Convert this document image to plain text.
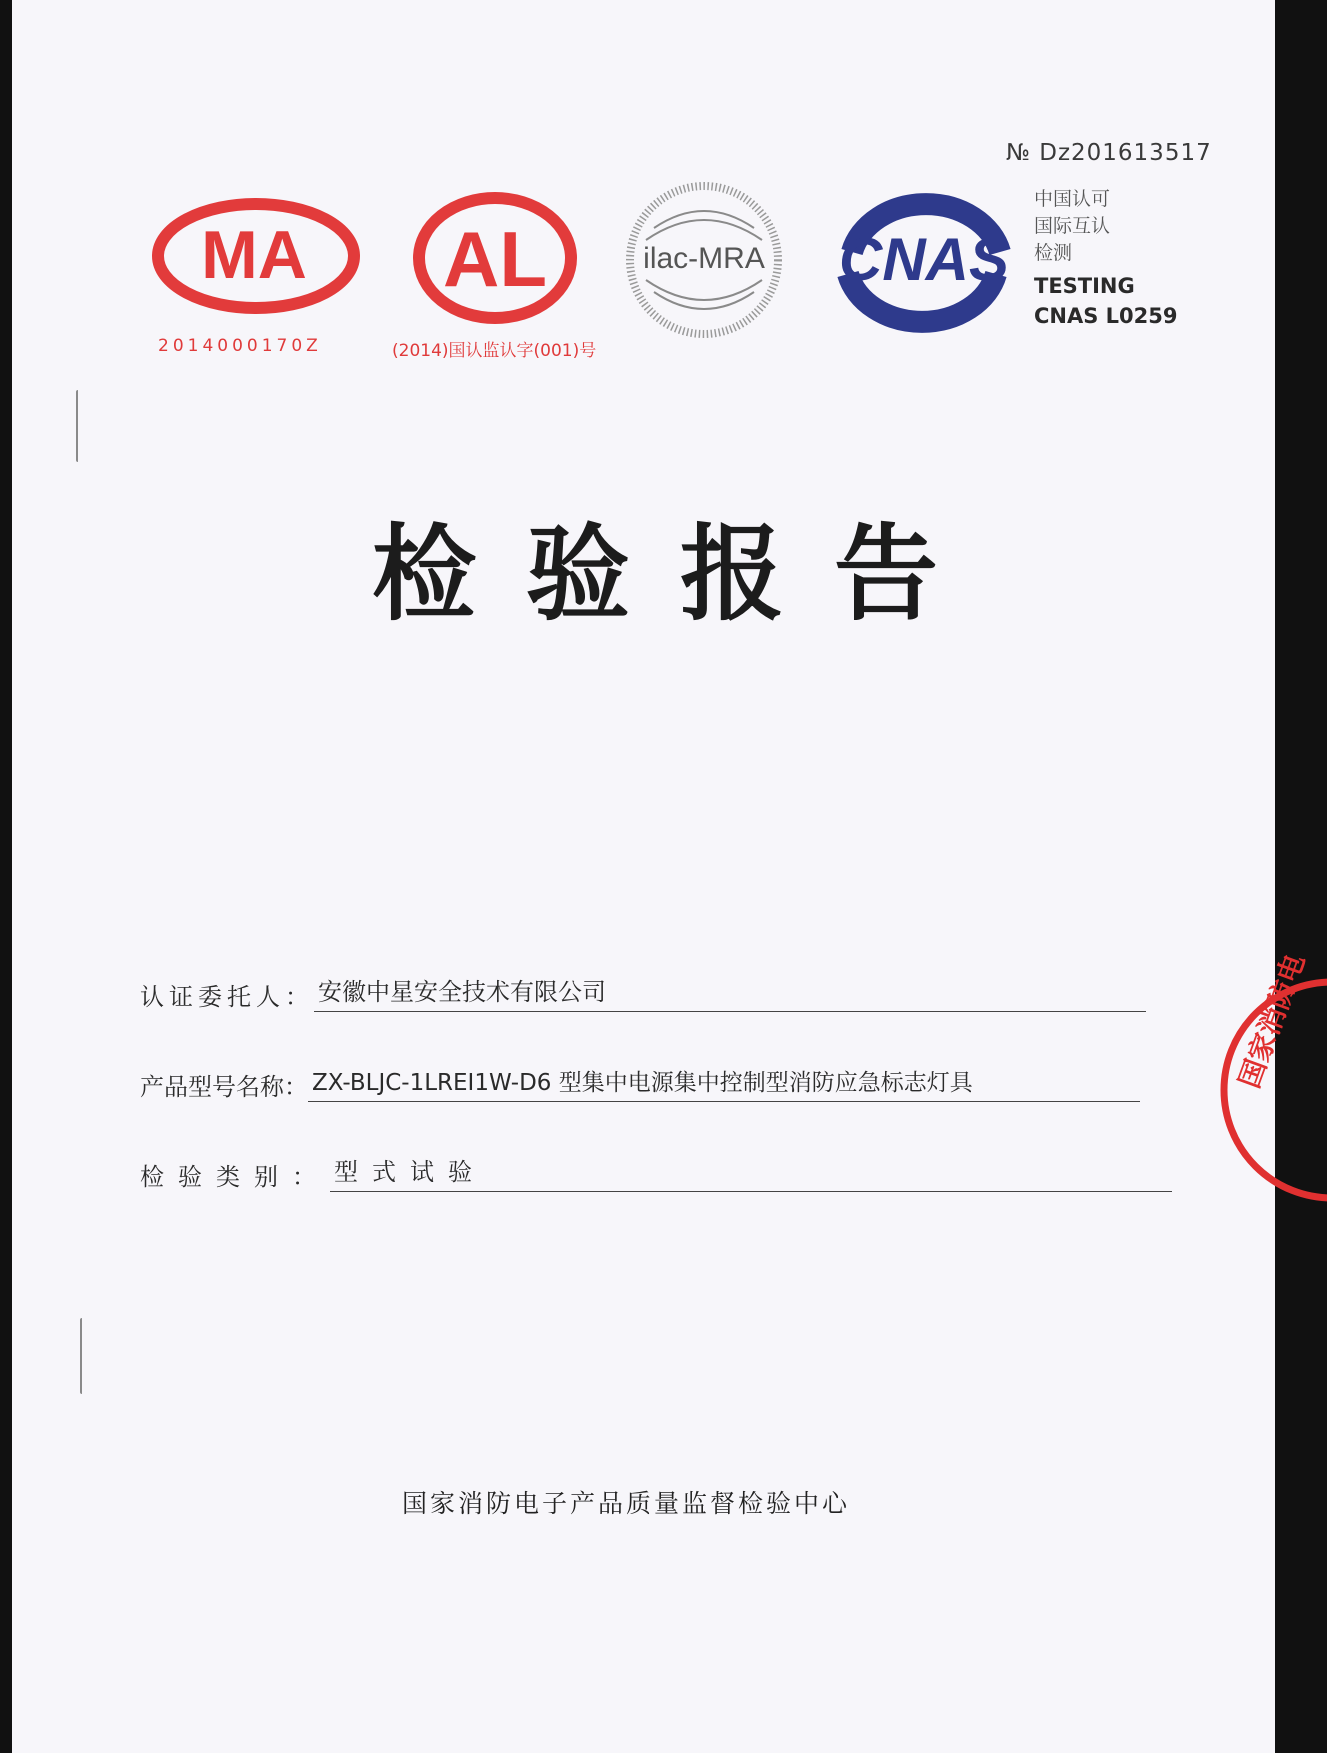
№ Dz201613517
MA
2014000170Z
AL
(2014)国认监认字(001)号
ilac-MRA CNAS
中国认可
国际互认
检测
TESTING
CNAS L0259
检验报告
认证委托人： 安徽中星安全技术有限公司
产品型号名称： ZX-BLJC-1LREⅠ1W-D6 型集中电源集中控制型消防应急标志灯具
检验类别： 型式试验
国家消防电子产品质量监督检验中心
国家消防电
